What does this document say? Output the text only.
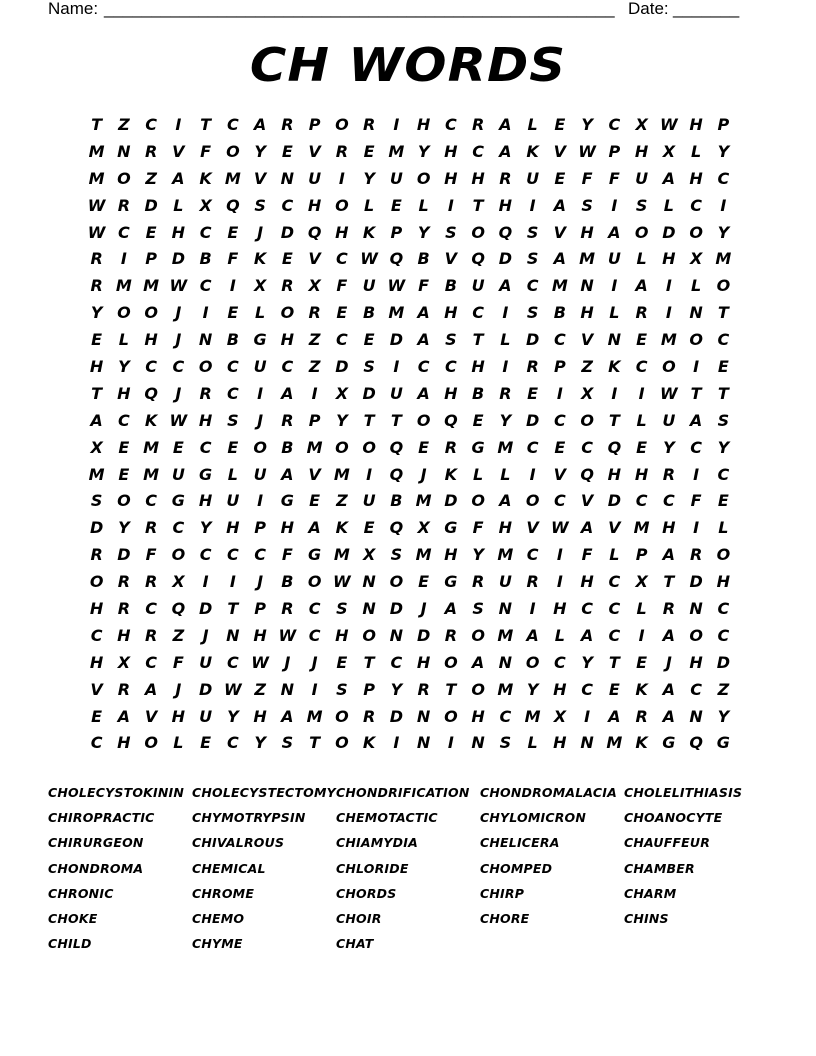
Name: ______________________________________________________ Date: _______
CH WORDS
T Z C	I	T C A R P O R	I	H C R A L	E Y C X W H P
M N R V F O Y E V R E M Y H C A K V W P H X L	Y
M O Z A K M V N U	I	Y U O H H R U E	F	F U A H C
W R D L X Q S C H O L	E	L	I	T H	I	A S	I	S	L	C	I
W C E H C E	J	D Q H K P Y S O Q S V H A O D O Y
R	I	P D B F K E V C W Q B V Q D S A M U L H X M
R M M W C	I	X R X F U W F B U A C M N	I	A	I	L O
Y O O	J	I	E	L O R E B M A H C	I	S B H L R	I	N T
E	L H	J	N B G H Z C E D A S	T	L D C V N E M O C
H Y C C O C U C Z D S	I	C C H	I	R P Z K C O	I	E
T H Q	J	R C	I	A	I	X D U A H B R E	I	X	I	I W T	T
A C K W H S	J	R P Y T	T O Q E Y D C O T	L U A S
X E M E C E O B M O O Q E R G M C E C Q E Y C Y
M E M U G L U A V M	I	Q	J	K L	L	I	V Q H H R	I	C
S O C G H U	I	G E Z U B M D O A O C V D C C F	E
D Y R C Y H P H A K E Q X G F H V W A V M H	I	L
R D F O C C C F G M X S M H Y M C	I	F	L	P A R O
O R R X	I	I	J	B O W N O E G R U R	I	H C X T D H
H R C Q D T P R C S N D	J	A S N	I	H C C	L R N C
C H R Z	J	N H W C H O N D R O M A L A C	I	A O C
H X C F U C W J	J	E	T C H O A N O C Y T	E	J	H D
V R A	J	D W Z N	I	S P Y R T O M Y H C E K A C Z
E A V H U Y H A M O R D N O H C M X	I	A R A N Y
C H O L	E C Y S	T O K	I	N	I	N S	L H N M K G Q G
CHOLECYSTOKININ CHOLECYSTECTOMY CHONDRIFICATION CHONDROMALACIA CHOLELITHIASIS
CHIROPRACTIC	CHYMOTRYPSIN	CHEMOTACTIC	CHYLOMICRON	CHOANOCYTE
CHIRURGEON	CHIVALROUS	CHIAMYDIA	CHELICERA	CHAUFFEUR
CHONDROMA	CHEMICAL	CHLORIDE	CHOMPED	CHAMBER
CHRONIC	CHROME	CHORDS	CHIRP	CHARM
CHOKE	CHEMO	CHOIR	CHORE	CHINS
CHILD	CHYME	CHAT
